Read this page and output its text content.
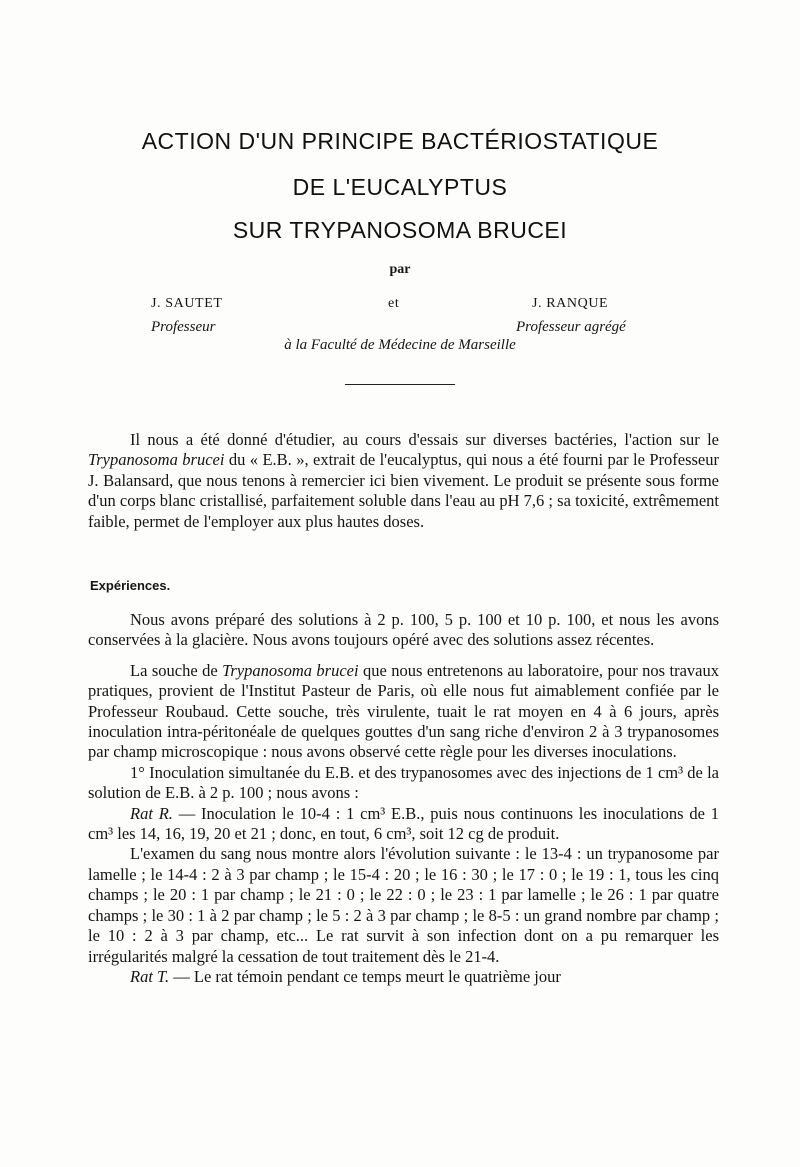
ACTION D'UN PRINCIPE BACTÉRIOSTATIQUE
DE L'EUCALYPTUS
SUR TRYPANOSOMA BRUCEI
par
J. SAUTET	et	J. RANQUE
Professeur	Professeur agrégé
à la Faculté de Médecine de Marseille

Il nous a été donné d'étudier, au cours d'essais sur diverses bactéries, l'action sur le Trypanosoma brucei du « E.B. », extrait de l'eucalyptus, qui nous a été fourni par le Professeur J. Balansard, que nous tenons à remercier ici bien vivement. Le produit se présente sous forme d'un corps blanc cristallisé, parfaitement soluble dans l'eau au pH 7,6 ; sa toxicité, extrêmement faible, permet de l'employer aux plus hautes doses.

Expériences.

Nous avons préparé des solutions à 2 p. 100, 5 p. 100 et 10 p. 100, et nous les avons conservées à la glacière. Nous avons toujours opéré avec des solutions assez récentes.

La souche de Trypanosoma brucei que nous entretenons au laboratoire, pour nos travaux pratiques, provient de l'Institut Pasteur de Paris, où elle nous fut aimablement confiée par le Professeur Roubaud. Cette souche, très virulente, tuait le rat moyen en 4 à 6 jours, après inoculation intra-péritonéale de quelques gouttes d'un sang riche d'environ 2 à 3 trypanosomes par champ microscopique : nous avons observé cette règle pour les diverses inoculations.

1° Inoculation simultanée du E.B. et des trypanosomes avec des injections de 1 cm³ de la solution de E.B. à 2 p. 100 ; nous avons :

Rat R. — Inoculation le 10-4 : 1 cm³ E.B., puis nous continuons les inoculations de 1 cm³ les 14, 16, 19, 20 et 21 ; donc, en tout, 6 cm³, soit 12 cg de produit.

L'examen du sang nous montre alors l'évolution suivante : le 13-4 : un trypanosome par lamelle ; le 14-4 : 2 à 3 par champ ; le 15-4 : 20 ; le 16 : 30 ; le 17 : 0 ; le 19 : 1, tous les cinq champs ; le 20 : 1 par champ ; le 21 : 0 ; le 22 : 0 ; le 23 : 1 par lamelle ; le 26 : 1 par quatre champs ; le 30 : 1 à 2 par champ ; le 5 : 2 à 3 par champ ; le 8-5 : un grand nombre par champ ; le 10 : 2 à 3 par champ, etc... Le rat survit à son infection dont on a pu remarquer les irrégularités malgré la cessation de tout traitement dès le 21-4.

Rat T. — Le rat témoin pendant ce temps meurt le quatrième jour
